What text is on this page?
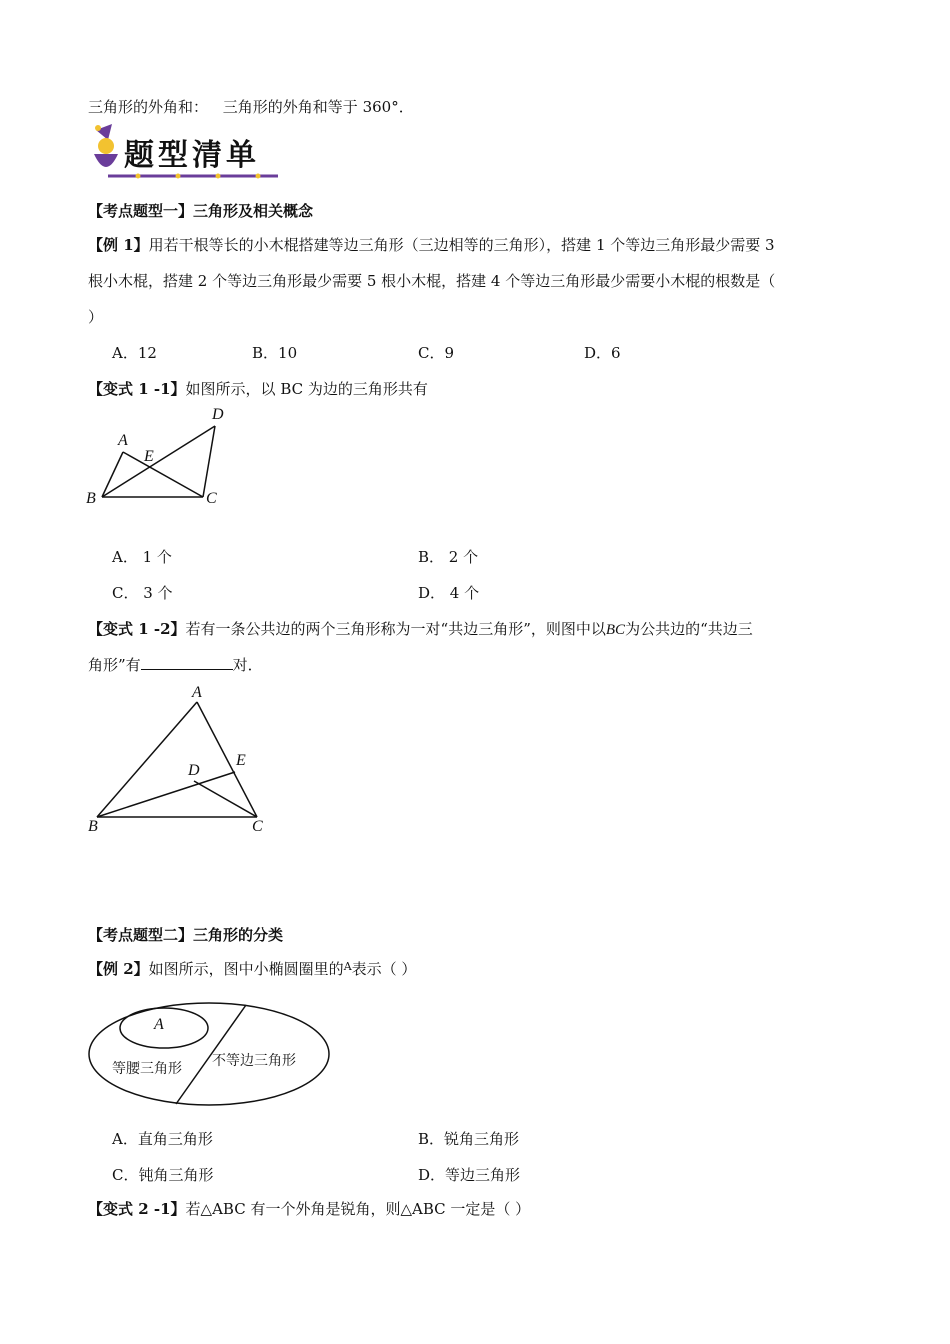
三角形的外角和： 三角形的外角和等于 360°．
题型清单
【考点题型一】三角形及相关概念
【例 1】用若干根等长的小木棍搭建等边三角形（三边相等的三角形），搭建 1 个等边三角形最少需要 3
根小木棍，搭建 2 个等边三角形最少需要 5 根小木棍，搭建 4 个等边三角形最少需要小木棍的根数是（
）
A．12	B．10	C．9	D．6
【变式 1 -1】如图所示，以 BC 为边的三角形共有
A
E
D
B	C
A． 1 个	B． 2 个
C． 3 个	D． 4 个
【变式 1 -2】若有一条公共边的两个三角形称为一对“共边三角形”，则图中以BC为公共边的“共边三
角形”有	对．
A
E
D
B	C
【考点题型二】三角形的分类
【例 2】如图所示，图中小椭圆圈里的$^A$表示（ ）
A
等腰三角形 不等边三角形
A．直角三角形	B．锐角三角形
C．钝角三角形	D．等边三角形
【变式 2 -1】若△ABC 有一个外角是锐角，则△ABC 一定是（ ）
